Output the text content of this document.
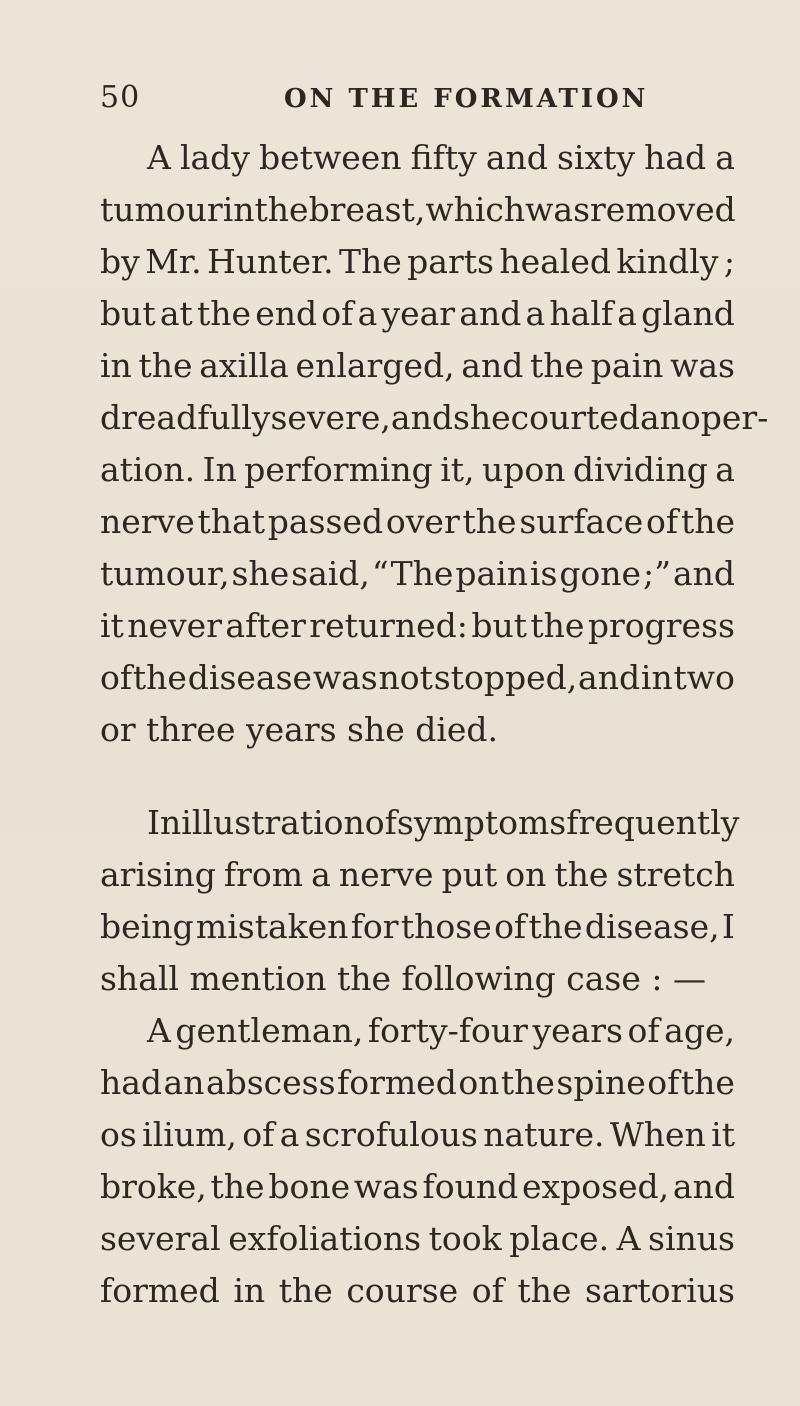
50	ON THE FORMATION
A lady between fifty and sixty had a
tumour in the breast, which was removed
by Mr. Hunter. The parts healed kindly ;
but at the end of a year and a half a gland
in the axilla enlarged, and the pain was
dreadfully severe, and she courted an oper-
ation. In performing it, upon dividing a
nerve that passed over the surface of the
tumour, she said, “ The pain is gone ;” and
it never after returned: but the progress
of the disease was not stopped, and in two
or three years she died.
In illustration of symptoms frequently
arising from a nerve put on the stretch
being mistaken for those of the disease, I
shall mention the following case : —
A gentleman, forty-four years of age,
had an abscess formed on the spine of the
os ilium, of a scrofulous nature. When it
broke, the bone was found exposed, and
several exfoliations took place. A sinus
formed in the course of the sartorius
